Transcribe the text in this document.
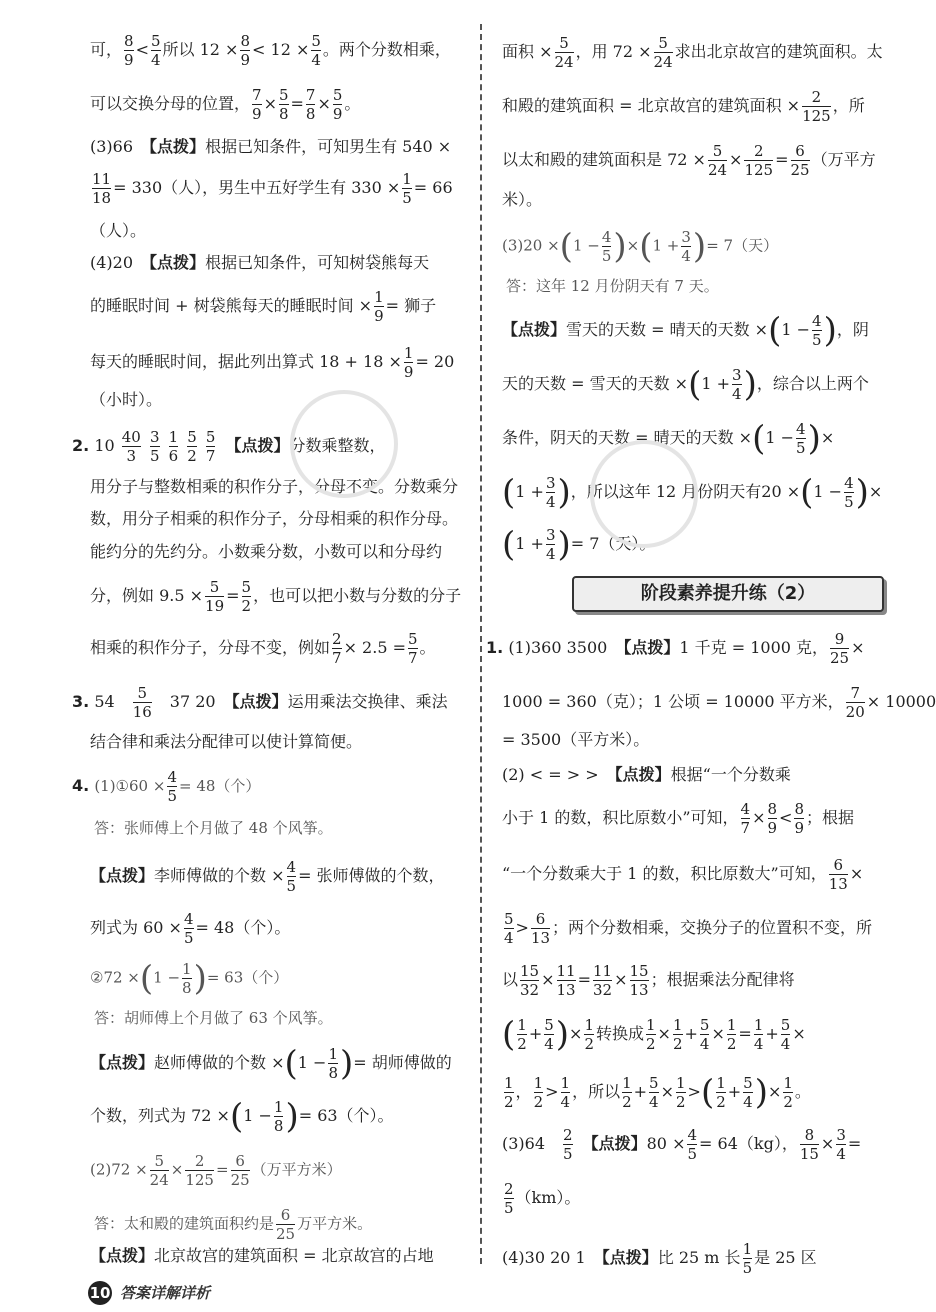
可， $\frac{8}{9} < \frac{5}{4}$ 所以 $12 \times \frac{8}{9} < 12 \times \frac{5}{4}$ 。两个分数相乘，
可以交换分母的位置， $\frac{7}{9} \times \frac{5}{8} = \frac{7}{8} \times \frac{5}{9}$ 。
(3)66　 【点拨】根据已知条件，可知男生有 540 ×
$\frac{11}{18} = 330$（人），男生中五好学生有 $330 \times \frac{1}{5} = 66$
（人）。
(4)20　 【点拨】根据已知条件，可知树袋熊每天
的睡眠时间 + 树袋熊每天的睡眠时间 × $\frac{1}{9}$ = 狮子
每天的睡眠时间，据此列出算式 $18 + 18 \times \frac{1}{9} = 20$
（小时）。
2. $10 \frac{40}{3}$
$\frac{3}{5}$
$\frac{1}{6}$
$\frac{5}{2}$
$\frac{5}{7}$
　 【点拨】分数乘整数，
用分子与整数相乘的积作分子，分母不变。分数乘分
数，用分子相乘的积作分子，分母相乘的积作分母。
能约分的先约分。小数乘分数，小数可以和分母约
分，例如 $9.5 \times \frac{5}{19} = \frac{5}{2}$ ，也可以把小数与分数的分子
相乘的积作分子，分母不变，例如 $\frac{2}{7} \times 2.5 = \frac{5}{7}$ 。
3. 54　 $\frac{5}{16}$
　 37 20　 【点拨】运用乘法交换律、乘法
结合律和乘法分配律可以使计算简便。
4. (1)①60 × $\frac{4}{5} = 48$（个）
答：张师傅上个月做了 48 个风筝。
【点拨】李师傅做的个数 × $\frac{4}{5}$ = 张师傅做的个数，
列式为 $60 \times \frac{4}{5} = 48$（个）。
②72 $\times(1 - \frac{1}{8}$ )= 63（个）
答：胡师傅上个月做了 63 个风筝。
【点拨】赵师傅做的个数 $\times(1 - \frac{1}{8}$ )= 胡师傅做的
个数，列式为 $72 \times(1 - \frac{1}{8}$ )= 63（个）。
$(2)72 \times \frac{5}{24} \times \frac{2}{125} = \frac{6}{25}$ （万平方米）
答：太和殿的建筑面积约是 $\frac{6}{25}$ 万平方米。
【点拨】北京故宫的建筑面积 = 北京故宫的占地
面积 × $\frac{5}{24}$ ，用 $72 \times \frac{5}{24}$ 求出北京故宫的建筑面积。太
和殿的建筑面积 = 北京故宫的建筑面积 × $\frac{2}{125}$ ，所
以太和殿的建筑面积是 $72 \times \frac{5}{24} \times \frac{2}{125} = \frac{6}{25}$ （万平方
米）。
$(3)20 \times(1 - \frac{4}{5} )\times(1 + \frac{3}{4}$ )= 7（天）
答：这年 12 月份阴天有 7 天。
【点拨】雪天的天数 = 晴天的天数 $\times(1 - \frac{4}{5}$ )，阴
天的天数 = 雪天的天数 $\times(1 + \frac{3}{4}$ )，综合以上两个
条件，阴天的天数 = 晴天的天数 $\times(1 - \frac{4}{5}$ )×
($1 + \frac{3}{4}$ )，所以这年 12 月份阴天有$20 \times(1 - \frac{4}{5}$ )×
($1 + \frac{3}{4}$ )= 7（天）。
阶段素养提升练（2）
1. (1)360 3500　 【点拨】1 千克 = 1000 克， $\frac{9}{25}$ ×
1000 = 360（克）；1 公顷 = 10000 平方米， $\frac{7}{20} \times 10000$
= 3500（平方米）。
(2) < = > >　 【点拨】根据“一个分数乘
小于 1 的数，积比原数小”可知， $\frac{4}{7} \times \frac{8}{9} < \frac{8}{9}$ ；根据
“一个分数乘大于 1 的数，积比原数大”可知， $\frac{6}{13}$ ×
$\frac{5}{4} > \frac{6}{13}$ ；两个分数相乘，交换分子的位置积不变，所
以 $\frac{15}{32} \times \frac{11}{13} = \frac{11}{32} \times \frac{15}{13}$ ；根据乘法分配律将
( $\frac{1}{2} + \frac{5}{4}$ )× $\frac{1}{2}$ 转换成 $\frac{1}{2} \times \frac{1}{2} + \frac{5}{4} \times \frac{1}{2} = \frac{1}{4} + \frac{5}{4}$ ×
$\frac{1}{2}$ ， $\frac{1}{2} > \frac{1}{4}$ ，所以 $\frac{1}{2} + \frac{5}{4} \times \frac{1}{2}$ >( $\frac{1}{2} + \frac{5}{4}$ )× $\frac{1}{2}$ 。
(3)64　 $\frac{2}{5}$
　 【点拨】$80 \times \frac{4}{5} = 64(kg)$， $\frac{8}{15} \times \frac{3}{4}$ =
$\frac{2}{5} (km)$。
(4)30 20 1　 【点拨】比 25 m 长 $\frac{1}{5}$ 是 25 区
10 答案详解详析
